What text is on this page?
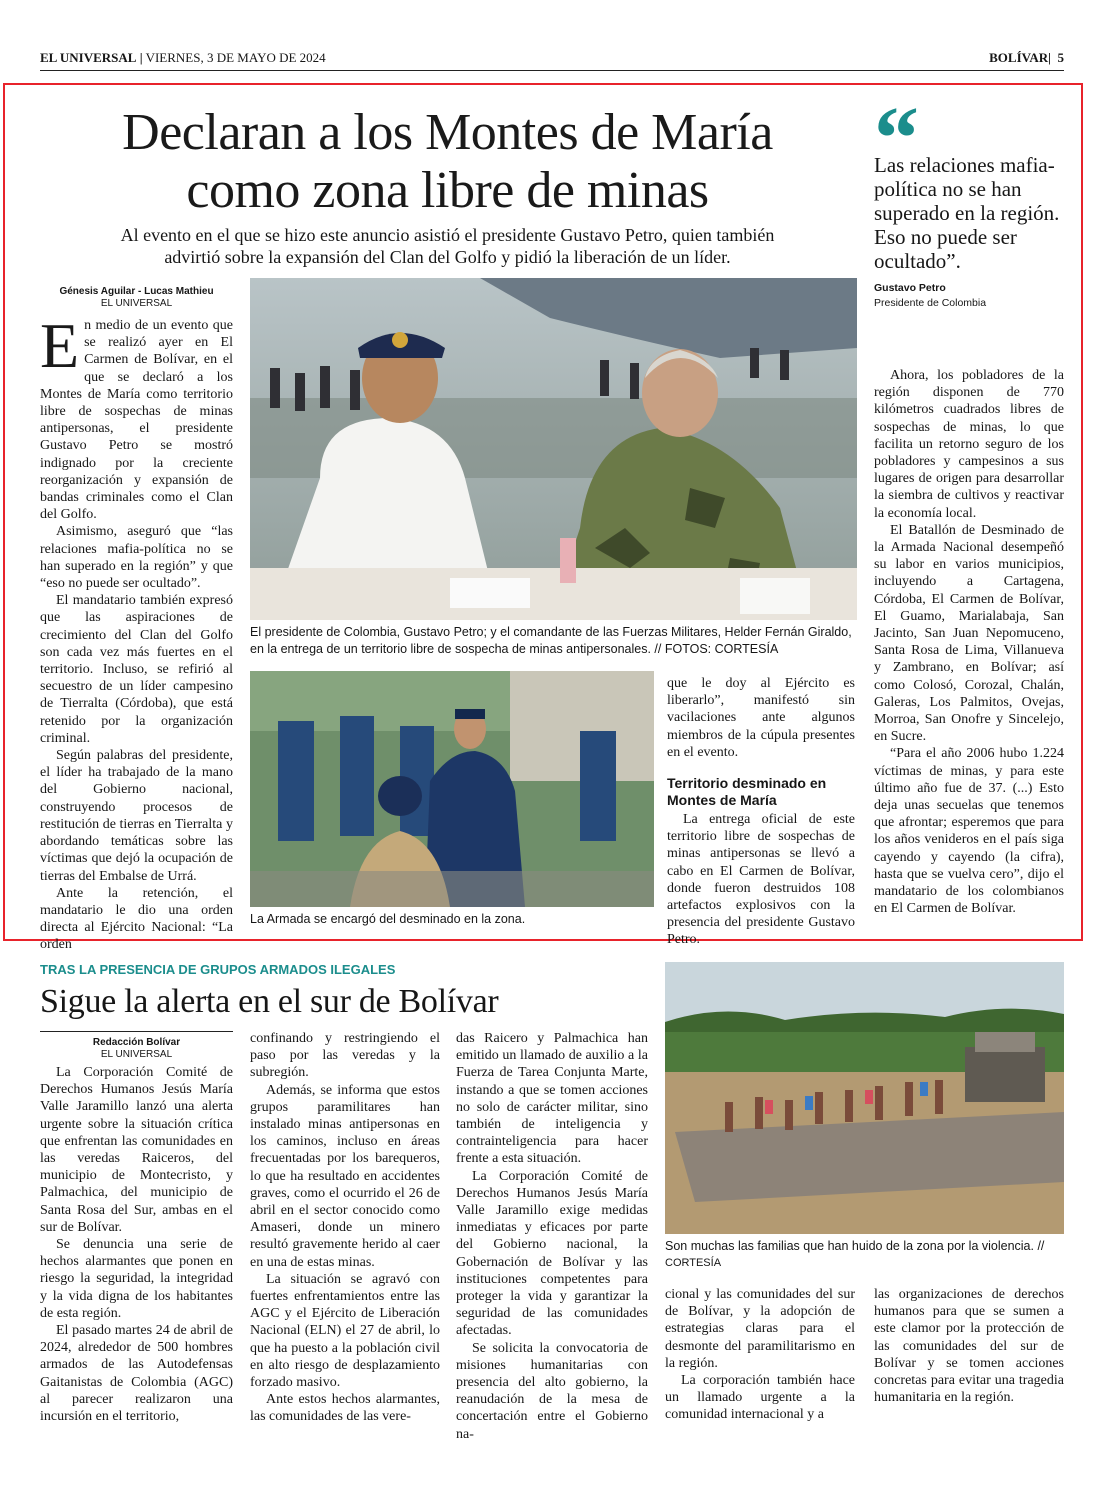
EL UNIVERSAL | VIERNES, 3 DE MAYO DE 2024	BOLÍVAR| 5
Declaran a los Montes de María
como zona libre de minas
Al evento en el que se hizo este anuncio asistió el presidente Gustavo Petro, quien también
advirtió sobre la expansión del Clan del Golfo y pidió la liberación de un líder.
“
Las relaciones mafia-política no se han superado en la región. Eso no puede ser ocultado”.
Gustavo Petro
Presidente de Colombia
Génesis Aguilar - Lucas Mathieu
EL UNIVERSAL

En medio de un evento que se realizó ayer en El Carmen de Bolívar, en el que se declaró a los Montes de María como territorio libre de sospechas de minas antipersonas, el presidente Gustavo Petro se mostró indignado por la creciente reorganización y expansión de bandas criminales como el Clan del Golfo.

Asimismo, aseguró que “las relaciones mafia-política no se han superado en la región” y que “eso no puede ser ocultado”.

El mandatario también expresó que las aspiraciones de crecimiento del Clan del Golfo son cada vez más fuertes en el territorio. Incluso, se refirió al secuestro de un líder campesino de Tierralta (Córdoba), que está retenido por la organización criminal.

Según palabras del presidente, el líder ha trabajado de la mano del Gobierno nacional, construyendo procesos de restitución de tierras en Tierralta y abordando temáticas sobre las víctimas que dejó la ocupación de tierras del Embalse de Urrá.

Ante la retención, el mandatario le dio una orden directa al Ejército Nacional: “La orden

El presidente de Colombia, Gustavo Petro; y el comandante de las Fuerzas Militares, Helder Fernán Giraldo, en la entrega de un territorio libre de sospecha de minas antipersonales. // FOTOS: CORTESÍA
La Armada se encargó del desminado en la zona.

que le doy al Ejército es liberarlo”, manifestó sin vacilaciones ante algunos miembros de la cúpula presentes en el evento.

Territorio desminado en Montes de María

La entrega oficial de este territorio libre de sospechas de minas antipersonas se llevó a cabo en El Carmen de Bolívar, donde fueron destruidos 108 artefactos explosivos con la presencia del presidente Gustavo Petro.

Ahora, los pobladores de la región disponen de 770 kilómetros cuadrados libres de sospechas de minas, lo que facilita un retorno seguro de los pobladores y campesinos a sus lugares de origen para desarrollar la siembra de cultivos y reactivar la economía local.

El Batallón de Desminado de la Armada Nacional desempeñó su labor en varios municipios, incluyendo a Cartagena, Córdoba, El Carmen de Bolívar, El Guamo, Marialabaja, San Jacinto, San Juan Nepomuceno, Santa Rosa de Lima, Villanueva y Zambrano, en Bolívar; así como Colosó, Corozal, Chalán, Galeras, Los Palmitos, Ovejas, Morroa, San Onofre y Sincelejo, en Sucre.

“Para el año 2006 hubo 1.224 víctimas de minas, y para este último año fue de 37. (...) Esto deja unas secuelas que tenemos que afrontar; esperemos que para los años venideros en el país siga cayendo y cayendo (la cifra), hasta que se vuelva cero”, dijo el mandatario de los colombianos en El Carmen de Bolívar.

TRAS LA PRESENCIA DE GRUPOS ARMADOS ILEGALES
Sigue la alerta en el sur de Bolívar
Redacción Bolívar
EL UNIVERSAL

La Corporación Comité de Derechos Humanos Jesús María Valle Jaramillo lanzó una alerta urgente sobre la situación crítica que enfrentan las comunidades en las veredas Raiceros, del municipio de Montecristo, y Palmachica, del municipio de Santa Rosa del Sur, ambas en el sur de Bolívar.

Se denuncia una serie de hechos alarmantes que ponen en riesgo la seguridad, la integridad y la vida digna de los habitantes de esta región.

El pasado martes 24 de abril de 2024, alrededor de 500 hombres armados de las Autodefensas Gaitanistas de Colombia (AGC) al parecer realizaron una incursión en el territorio,

confinando y restringiendo el paso por las veredas y la subregión.

Además, se informa que estos grupos paramilitares han instalado minas antipersonas en los caminos, incluso en áreas frecuentadas por los barequeros, lo que ha resultado en accidentes graves, como el ocurrido el 26 de abril en el sector conocido como Amaseri, donde un minero resultó gravemente herido al caer en una de estas minas.

La situación se agravó con fuertes enfrentamientos entre las AGC y el Ejército de Liberación Nacional (ELN) el 27 de abril, lo que ha puesto a la población civil en alto riesgo de desplazamiento forzado masivo.

Ante estos hechos alarmantes, las comunidades de las vere-

das Raicero y Palmachica han emitido un llamado de auxilio a la Fuerza de Tarea Conjunta Marte, instando a que se tomen acciones no solo de carácter militar, sino también de inteligencia y contrainteligencia para hacer frente a esta situación.

La Corporación Comité de Derechos Humanos Jesús María Valle Jaramillo exige medidas inmediatas y eficaces por parte del Gobierno nacional, la Gobernación de Bolívar y las instituciones competentes para proteger la vida y garantizar la seguridad de las comunidades afectadas.

Se solicita la convocatoria de misiones humanitarias con presencia del alto gobierno, la reanudación de la mesa de concertación entre el Gobierno na-

Son muchas las familias que han huido de la zona por la violencia. //
CORTESÍA

cional y las comunidades del sur de Bolívar, y la adopción de estrategias claras para el desmonte del paramilitarismo en la región.

La corporación también hace un llamado urgente a la comunidad internacional y a

las organizaciones de derechos humanos para que se sumen a este clamor por la protección de las comunidades del sur de Bolívar y se tomen acciones concretas para evitar una tragedia humanitaria en la región.
